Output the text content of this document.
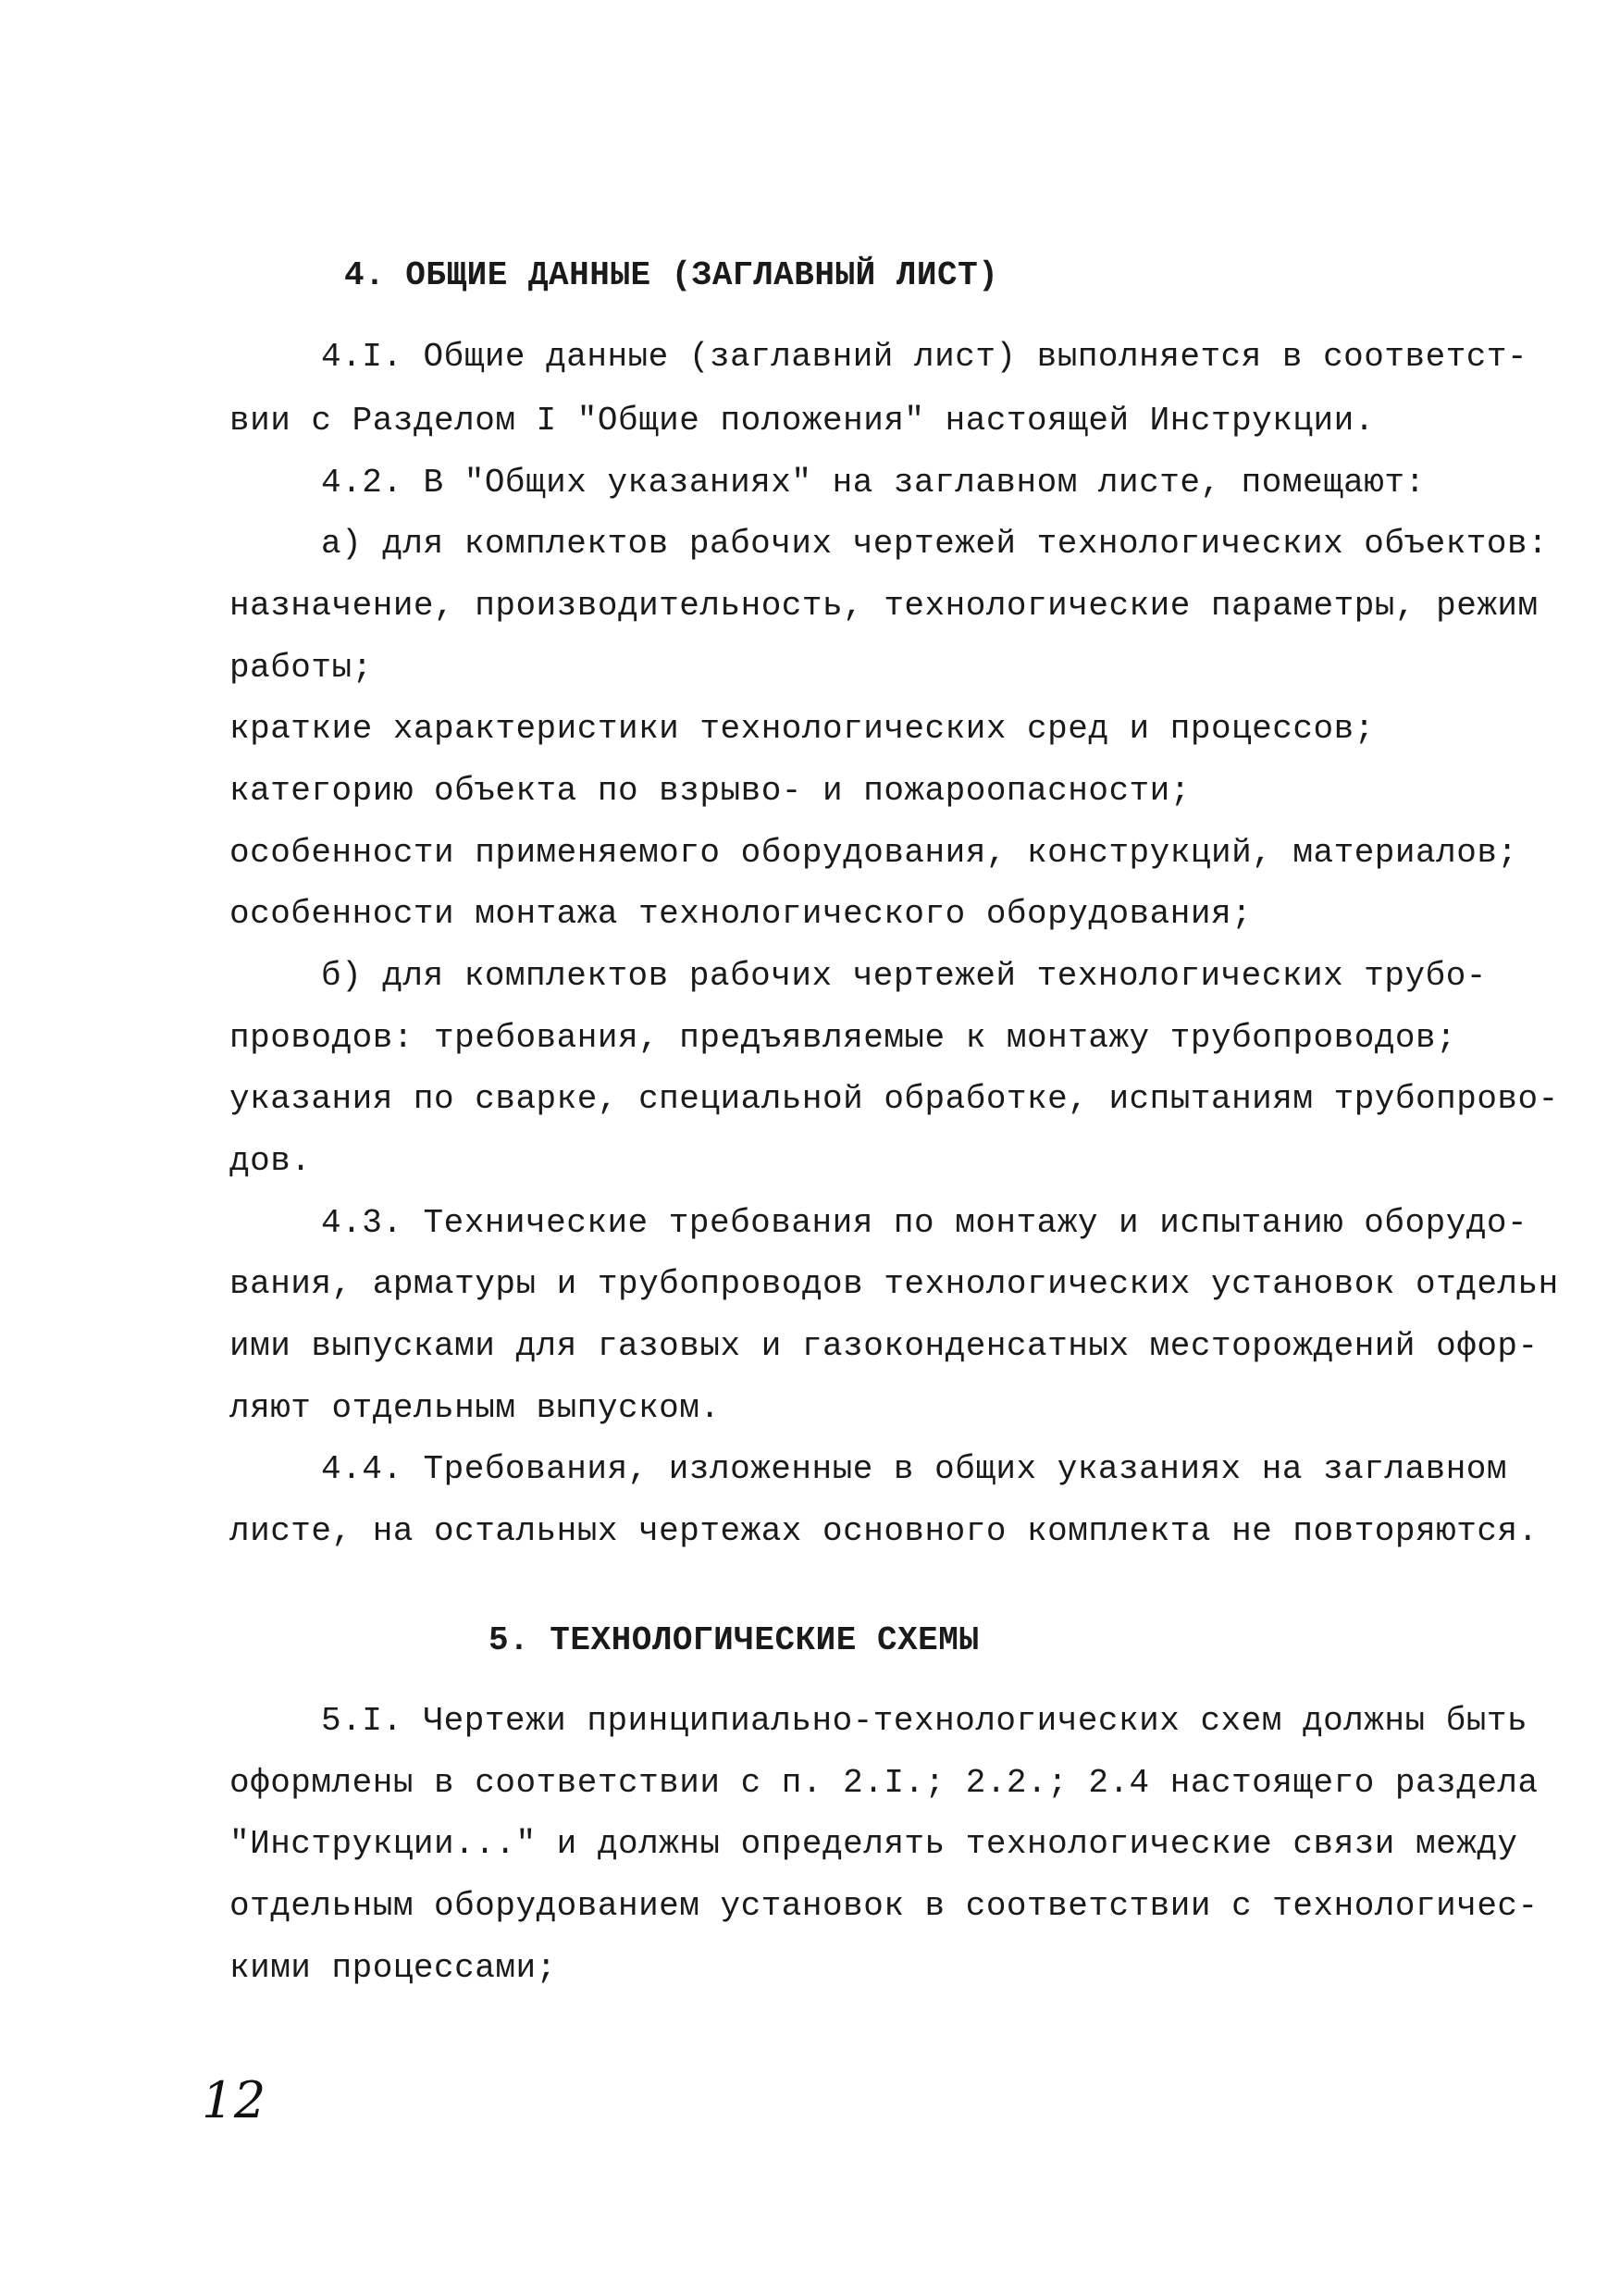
4. ОБЩИЕ ДАННЫЕ (ЗАГЛАВНЫЙ ЛИСТ)
4.I. Общие данные (заглавний лист) выполняется в соответст-
вии с Разделом I "Общие положения" настоящей Инструкции.
4.2. В "Общих указаниях" на заглавном листе, помещают:
а) для комплектов рабочих чертежей технологических объектов:
назначение, производительность, технологические параметры, режим
работы;
краткие характеристики технологических сред и процессов;
категорию объекта по взрыво- и пожароопасности;
особенности применяемого оборудования, конструкций, материалов;
особенности монтажа технологического оборудования;
б) для комплектов рабочих чертежей технологических трубо-
проводов: требования, предъявляемые к монтажу трубопроводов;
указания по сварке, специальной обработке, испытаниям трубопрово-
дов.
4.3. Технические требования по монтажу и испытанию оборудо-
вания, арматуры и трубопроводов технологических установок отдельн
ими выпусками для газовых и газоконденсатных месторождений офор-
ляют отдельным выпуском.
4.4. Требования, изложенные в общих указаниях на заглавном
листе, на остальных чертежах основного комплекта не повторяются.
5. ТЕХНОЛОГИЧЕСКИЕ СХЕМЫ
5.I. Чертежи принципиально-технологических схем должны быть
оформлены в соответствии с п. 2.I.; 2.2.; 2.4 настоящего раздела
"Инструкции..." и должны определять технологические связи между
отдельным оборудованием установок в соответствии с технологичес-
кими процессами;
12
